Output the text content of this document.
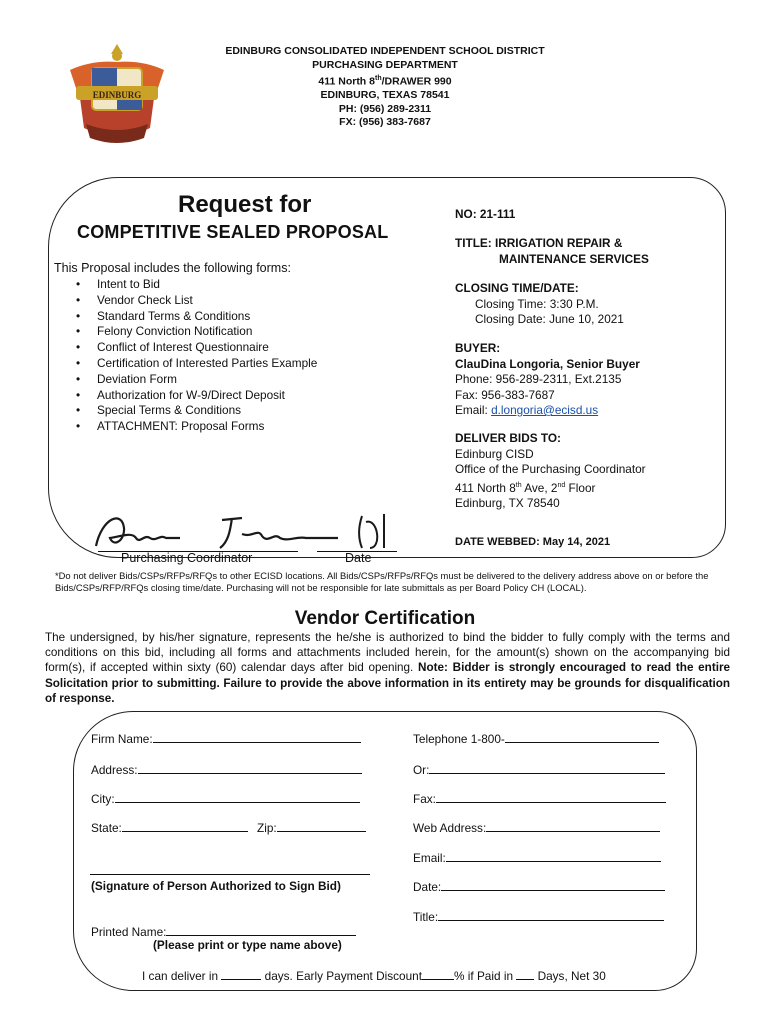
EDINBURG
EDINBURG CONSOLIDATED INDEPENDENT SCHOOL DISTRICT
PURCHASING DEPARTMENT
411 North 8th/DRAWER 990
EDINBURG, TEXAS 78541
PH: (956) 289-2311
FX: (956) 383-7687
Request for
COMPETITIVE SEALED PROPOSAL
This Proposal includes the following forms:
• Intent to Bid
• Vendor Check List
• Standard Terms & Conditions
• Felony Conviction Notification
• Conflict of Interest Questionnaire
• Certification of Interested Parties Example
• Deviation Form
• Authorization for W-9/Direct Deposit
• Special Terms & Conditions
• ATTACHMENT: Proposal Forms
NO: 21-111
TITLE: IRRIGATION REPAIR &
MAINTENANCE SERVICES
CLOSING TIME/DATE:
Closing Time: 3:30 P.M.
Closing Date: June 10, 2021
BUYER:
ClauDina Longoria, Senior Buyer
Phone: 956-289-2311, Ext.2135
Fax: 956-383-7687
Email: d.longoria@ecisd.us
DELIVER BIDS TO:
Edinburg CISD
Office of the Purchasing Coordinator
411 North 8th Ave, 2nd Floor
Edinburg, TX 78540
DATE WEBBED: May 14, 2021
Purchasing Coordinator	Date
*Do not deliver Bids/CSPs/RFPs/RFQs to other ECISD locations. All Bids/CSPs/RFPs/RFQs must be delivered to the delivery address above on or before the Bids/CSPs/RFP/RFQs closing time/date. Purchasing will not be responsible for late submittals as per Board Policy CH (LOCAL).
Vendor Certification
The undersigned, by his/her signature, represents the he/she is authorized to bind the bidder to fully comply with the terms and conditions on this bid, including all forms and attachments included herein, for the amount(s) shown on the accompanying bid form(s), if accepted within sixty (60) calendar days after bid opening. Note: Bidder is strongly encouraged to read the entire Solicitation prior to submitting. Failure to provide the above information in its entirety may be grounds for disqualification of response.
Firm Name:
Address:
City:
State:	Zip:
Telephone 1-800-
Or:
Fax:
Web Address:
Email:
Date:
Title:
(Signature of Person Authorized to Sign Bid)
Printed Name:
(Please print or type name above)
I can deliver in	days. Early Payment Discount	% if Paid in Days, Net 30
